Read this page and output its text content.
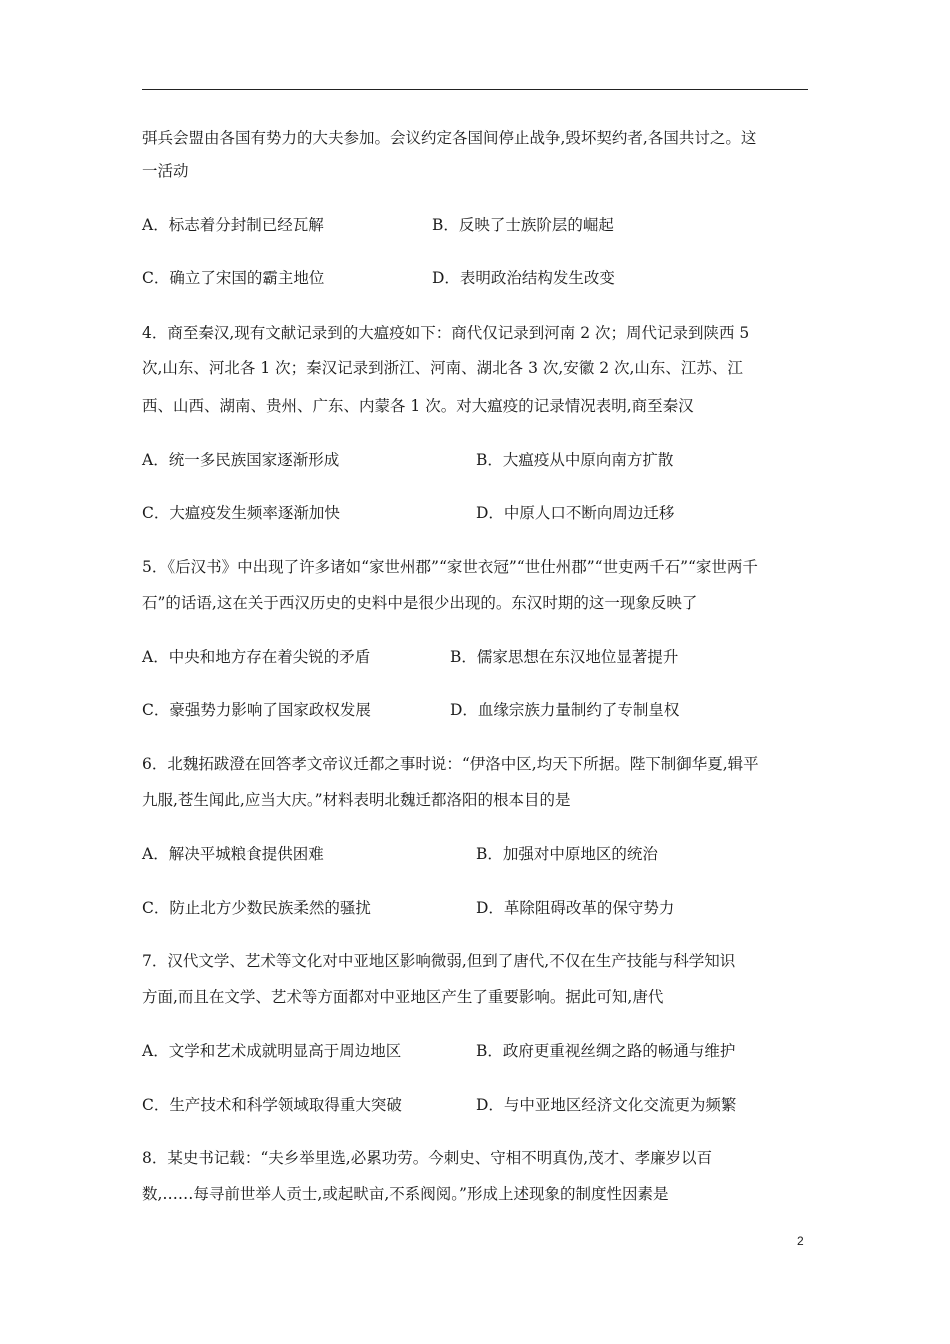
弭兵会盟由各国有势力的大夫参加。会议约定各国间停止战争,毁坏契约者,各国共讨之。这
一活动
A．标志着分封制已经瓦解	B．反映了士族阶层的崛起
C．确立了宋国的霸主地位	D．表明政治结构发生改变
4．商至秦汉,现有文献记录到的大瘟疫如下：商代仅记录到河南 2 次；周代记录到陕西 5
次,山东、河北各 1 次；秦汉记录到浙江、河南、湖北各 3 次,安徽 2 次,山东、江苏、江
西、山西、湖南、贵州、广东、内蒙各 1 次。对大瘟疫的记录情况表明,商至秦汉
A．统一多民族国家逐渐形成	B．大瘟疫从中原向南方扩散
C．大瘟疫发生频率逐渐加快	D．中原人口不断向周边迁移
5．《后汉书》中出现了许多诸如“家世州郡”“家世衣冠”“世仕州郡”“世吏两千石”“家世两千
石”的话语,这在关于西汉历史的史料中是很少出现的。东汉时期的这一现象反映了
A．中央和地方存在着尖锐的矛盾	B．儒家思想在东汉地位显著提升
C．豪强势力影响了国家政权发展	D．血缘宗族力量制约了专制皇权
6．北魏拓跋澄在回答孝文帝议迁都之事时说：“伊洛中区,均天下所据。陛下制御华夏,辑平
九服,苍生闻此,应当大庆。”材料表明北魏迁都洛阳的根本目的是
A．解决平城粮食提供困难	B．加强对中原地区的统治
C．防止北方少数民族柔然的骚扰	D．革除阻碍改革的保守势力
7．汉代文学、艺术等文化对中亚地区影响微弱,但到了唐代,不仅在生产技能与科学知识
方面,而且在文学、艺术等方面都对中亚地区产生了重要影响。据此可知,唐代
A．文学和艺术成就明显高于周边地区	B．政府更重视丝绸之路的畅通与维护
C．生产技术和科学领域取得重大突破	D．与中亚地区经济文化交流更为频繁
8．某史书记载：“夫乡举里选,必累功劳。今刺史、守相不明真伪,茂才、孝廉岁以百
数,……每寻前世举人贡士,或起畎亩,不系阀阅。”形成上述现象的制度性因素是
2
